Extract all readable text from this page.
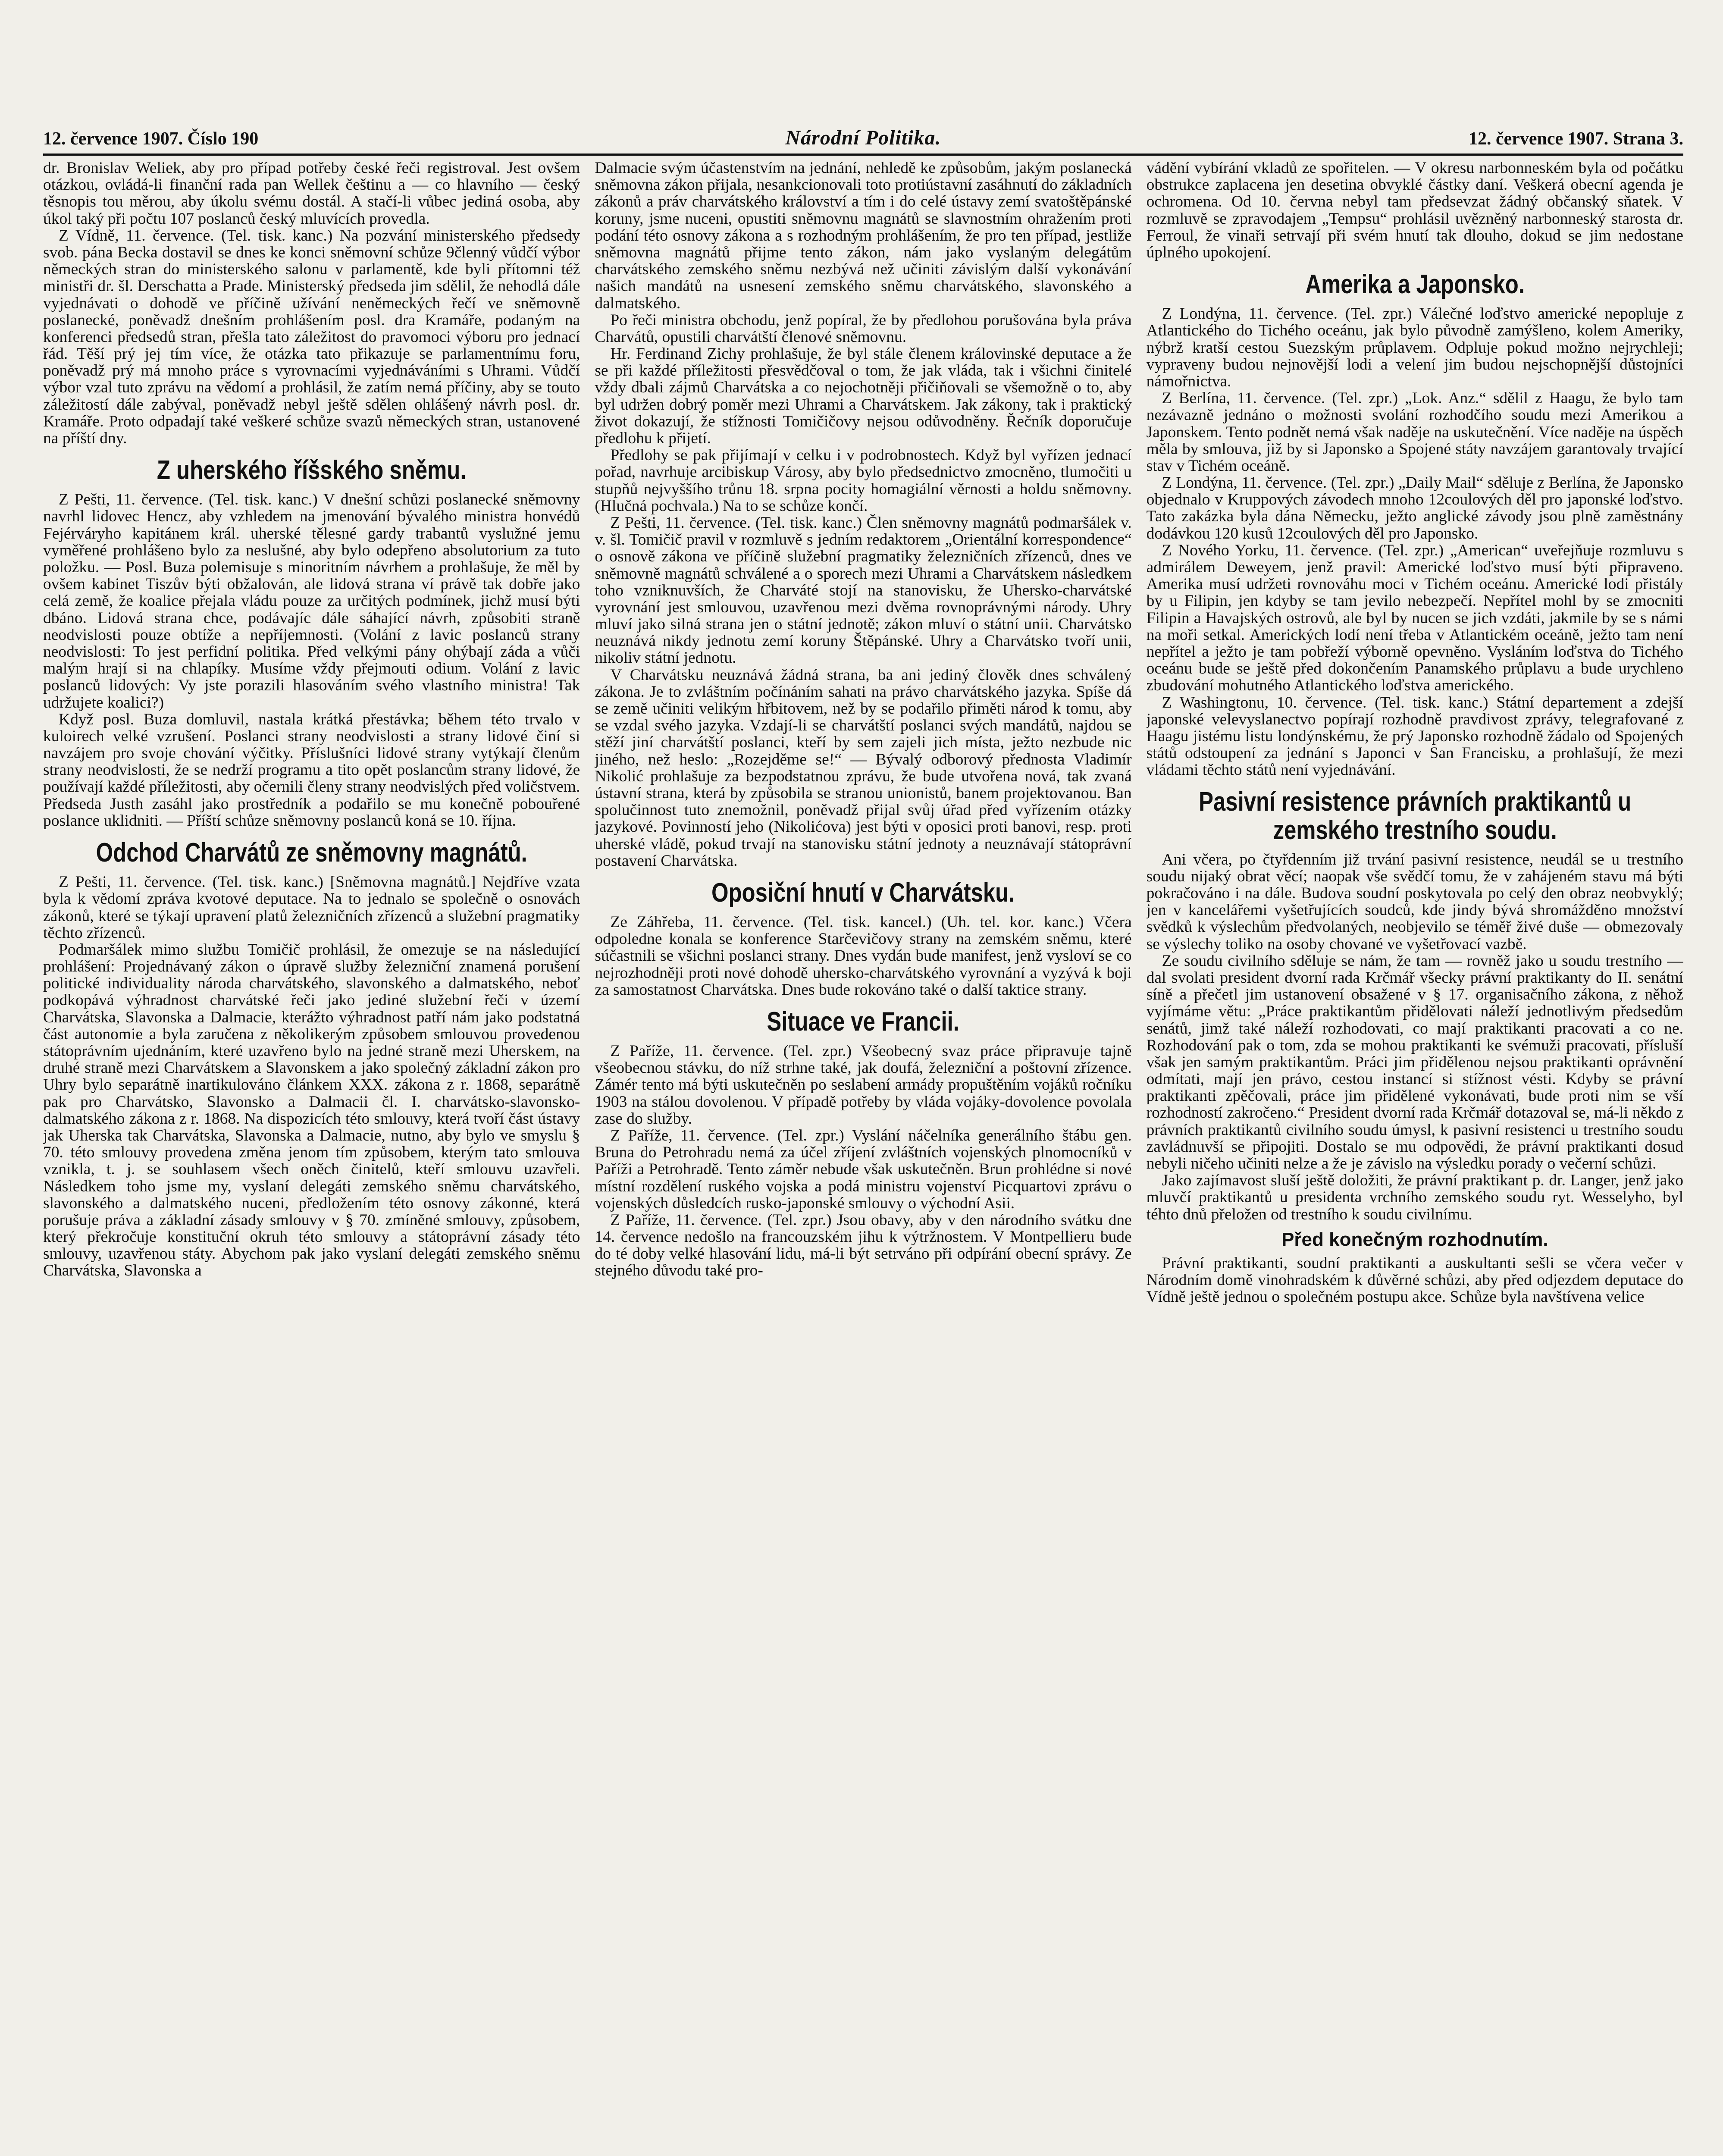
12. července 1907. Číslo 190	Národní Politika.	12. července 1907. Strana 3.

dr. Bronislav Weliek, aby pro případ potřeby české řeči registroval. Jest ovšem otázkou, ovládá-li finanční rada pan Wellek češtinu a — co hlavního — český těsnopis tou měrou, aby úkolu svému dostál. A stačí-li vůbec jediná osoba, aby úkol taký při počtu 107 poslanců český mluvících provedla.

Z Vídně, 11. července. (Tel. tisk. kanc.) Na pozvání ministerského předsedy svob. pána Becka dostavil se dnes ke konci sněmovní schůze 9členný vůdčí výbor německých stran do ministerského salonu v parlamentě, kde byli přítomni též ministři dr. šl. Derschatta a Prade. Ministerský předseda jim sdělil, že nehodlá dále vyjednávati o dohodě ve příčině užívání neněmeckých řečí ve sněmovně poslanecké, poněvadž dnešním prohlášením posl. dra Kramáře, podaným na konferenci předsedů stran, přešla tato záležitost do pravomoci výboru pro jednací řád. Těší prý jej tím více, že otázka tato přikazuje se parlamentnímu foru, poněvadž prý má mnoho práce s vyrovnacími vyjednáváními s Uhrami. Vůdčí výbor vzal tuto zprávu na vědomí a prohlásil, že zatím nemá příčiny, aby se touto záležitostí dále zabýval, poněvadž nebyl ještě sdělen ohlášený návrh posl. dr. Kramáře. Proto odpadají také veškeré schůze svazů německých stran, ustanovené na příští dny.

Z uherského říšského sněmu.

Z Pešti, 11. července. (Tel. tisk. kanc.) V dnešní schůzi poslanecké sněmovny navrhl lidovec Hencz, aby vzhledem na jmenování bývalého ministra honvédů Fejérváryho kapitánem král. uherské tělesné gardy trabantů vyslužné jemu vyměřené prohlášeno bylo za neslušné, aby bylo odepřeno absolutorium za tuto položku. — Posl. Buza polemisuje s minoritním návrhem a prohlašuje, že měl by ovšem kabinet Tiszův býti obžalován, ale lidová strana ví právě tak dobře jako celá země, že koalice přejala vládu pouze za určitých podmínek, jichž musí býti dbáno. Lidová strana chce, podávajíc dále sáhající návrh, způsobiti straně neodvislosti pouze obtíže a nepříjemnosti. (Volání z lavic poslanců strany neodvislosti: To jest perfidní politika. Před velkými pány ohýbají záda a vůči malým hrají si na chlapíky. Musíme vždy přejmouti odium. Volání z lavic poslanců lidových: Vy jste porazili hlasováním svého vlastního ministra! Tak udržujete koalici?)

Když posl. Buza domluvil, nastala krátká přestávka; během této trvalo v kuloirech velké vzrušení. Poslanci strany neodvislosti a strany lidové činí si navzájem pro svoje chování výčitky. Příslušníci lidové strany vytýkají členům strany neodvislosti, že se nedrží programu a tito opět poslancům strany lidové, že používají každé příležitosti, aby očernili členy strany neodvislých před voličstvem. Předseda Justh zasáhl jako prostředník a podařilo se mu konečně pobouřené poslance uklidniti. — Příští schůze sněmovny poslanců koná se 10. října.

Odchod Charvátů ze sněmovny magnátů.

Z Pešti, 11. července. (Tel. tisk. kanc.) [Sněmovna magnátů.] Nejdříve vzata byla k vědomí zpráva kvotové deputace. Na to jednalo se společně o osnovách zákonů, které se týkají upravení platů železničních zřízenců a služební pragmatiky těchto zřízenců.

Podmaršálek mimo službu Tomičič prohlásil, že omezuje se na následující prohlášení: Projednávaný zákon o úpravě služby železniční znamená porušení politické individuality národa charvátského, slavonského a dalmatského, neboť podkopává výhradnost charvátské řeči jako jediné služební řeči v území Charvátska, Slavonska a Dalmacie, kterážto výhradnost patří nám jako podstatná část autonomie a byla zaručena z několikerým způsobem smlouvou provedenou státoprávním ujednáním, které uzavřeno bylo na jedné straně mezi Uherskem, na druhé straně mezi Charvátskem a Slavonskem a jako společný základní zákon pro Uhry bylo separátně inartikulováno článkem XXX. zákona z r. 1868, separátně pak pro Charvátsko, Slavonsko a Dalmacii čl. I. charvátsko-slavonsko-dalmatského zákona z r. 1868. Na dispozicích této smlouvy, která tvoří část ústavy jak Uherska tak Charvátska, Slavonska a Dalmacie, nutno, aby bylo ve smyslu § 70. této smlouvy provedena změna jenom tím způsobem, kterým tato smlouva vznikla, t. j. se souhlasem všech oněch činitelů, kteří smlouvu uzavřeli. Následkem toho jsme my, vyslaní delegáti zemského sněmu charvátského, slavonského a dalmatského nuceni, předložením této osnovy zákonné, která porušuje práva a základní zásady smlouvy v § 70. zmíněné smlouvy, způsobem, který překročuje konstituční okruh této smlouvy a státoprávní zásady této smlouvy, uzavřenou státy. Abychom pak jako vyslaní delegáti zemského sněmu Charvátska, Slavonska a

Dalmacie svým účastenstvím na jednání, nehledě ke způsobům, jakým poslanecká sněmovna zákon přijala, nesankcionovali toto protiústavní zasáhnutí do základních zákonů a práv charvátského království a tím i do celé ústavy zemí svatoštěpánské koruny, jsme nuceni, opustiti sněmovnu magnátů se slavnostním ohražením proti podání této osnovy zákona a s rozhodným prohlášením, že pro ten případ, jestliže sněmovna magnátů přijme tento zákon, nám jako vyslaným delegátům charvátského zemského sněmu nezbývá než učiniti závislým další vykonávání našich mandátů na usnesení zemského sněmu charvátského, slavonského a dalmatského.

Po řeči ministra obchodu, jenž popíral, že by předlohou porušována byla práva Charvátů, opustili charvátští členové sněmovnu.

Hr. Ferdinand Zichy prohlašuje, že byl stále členem královinské deputace a že se při každé příležitosti přesvědčoval o tom, že jak vláda, tak i všichni činitelé vždy dbali zájmů Charvátska a co nejochotněji přičiňovali se všemožně o to, aby byl udržen dobrý poměr mezi Uhrami a Charvátskem. Jak zákony, tak i praktický život dokazují, že stížnosti Tomičičovy nejsou odůvodněny. Řečník doporučuje předlohu k přijetí.

Předlohy se pak přijímají v celku i v podrobnostech. Když byl vyřízen jednací pořad, navrhuje arcibiskup Városy, aby bylo předsednictvo zmocněno, tlumočiti u stupňů nejvyššího trůnu 18. srpna pocity homagiální věrnosti a holdu sněmovny. (Hlučná pochvala.) Na to se schůze končí.

Z Pešti, 11. července. (Tel. tisk. kanc.) Člen sněmovny magnátů podmaršálek v. v. šl. Tomičič pravil v rozmluvě s jedním redaktorem „Orientální korrespondence“ o osnově zákona ve příčině služební pragmatiky železničních zřízenců, dnes ve sněmovně magnátů schválené a o sporech mezi Uhrami a Charvátskem následkem toho vzniknuvších, že Charváté stojí na stanovisku, že Uhersko-charvátské vyrovnání jest smlouvou, uzavřenou mezi dvěma rovnoprávnými národy. Uhry mluví jako silná strana jen o státní jednotě; zákon mluví o státní unii. Charvátsko neuznává nikdy jednotu zemí koruny Štěpánské. Uhry a Charvátsko tvoří unii, nikoliv státní jednotu.

V Charvátsku neuznává žádná strana, ba ani jediný člověk dnes schválený zákona. Je to zvláštním počínáním sahati na právo charvátského jazyka. Spíše dá se země učiniti velikým hřbitovem, než by se podařilo přiměti národ k tomu, aby se vzdal svého jazyka. Vzdají-li se charvátští poslanci svých mandátů, najdou se stěží jiní charvátští poslanci, kteří by sem zajeli jich místa, ježto nezbude nic jiného, než heslo: „Rozejděme se!“ — Bývalý odborový přednosta Vladimír Nikolić prohlašuje za bezpodstatnou zprávu, že bude utvořena nová, tak zvaná ústavní strana, která by způsobila se stranou unionistů, banem projektovanou. Ban spolučinnost tuto znemožnil, poněvadž přijal svůj úřad před vyřízením otázky jazykové. Povinností jeho (Nikolićova) jest býti v oposici proti banovi, resp. proti uherské vládě, pokud trvají na stanovisku státní jednoty a neuznávají státoprávní postavení Charvátska.

Oposiční hnutí v Charvátsku.

Ze Záhřeba, 11. července. (Tel. tisk. kancel.) (Uh. tel. kor. kanc.) Včera odpoledne konala se konference Starčevičovy strany na zemském sněmu, které súčastnili se všichni poslanci strany. Dnes vydán bude manifest, jenž vysloví se co nejrozhodněji proti nové dohodě uhersko-charvátského vyrovnání a vyzývá k boji za samostatnost Charvátska. Dnes bude rokováno také o další taktice strany.

Situace ve Francii.

Z Paříže, 11. července. (Tel. zpr.) Všeobecný svaz práce připravuje tajně všeobecnou stávku, do níž strhne také, jak doufá, železniční a poštovní zřízence. Zámér tento má býti uskutečněn po seslabení armády propuštěním vojáků ročníku 1903 na stálou dovolenou. V případě potřeby by vláda vojáky-dovolence povolala zase do služby.

Z Paříže, 11. července. (Tel. zpr.) Vyslání náčelníka generálního štábu gen. Bruna do Petrohradu nemá za účel zříjení zvláštních vojenských plnomocníků v Paříži a Petrohradě. Tento záměr nebude však uskutečněn. Brun prohlédne si nové místní rozdělení ruského vojska a podá ministru vojenství Picquartovi zprávu o vojenských důsledcích rusko-japonské smlouvy o východní Asii.

Z Paříže, 11. července. (Tel. zpr.) Jsou obavy, aby v den národního svátku dne 14. července nedošlo na francouzském jihu k výtržnostem. V Montpellieru bude do té doby velké hlasování lidu, má-li být setrváno při odpírání obecní správy. Ze stejného důvodu také pro-

vádění vybírání vkladů ze spořitelen. — V okresu narbonneském byla od počátku obstrukce zaplacena jen desetina obvyklé částky daní. Veškerá obecní agenda je ochromena. Od 10. června nebyl tam předsevzat žádný občanský sňatek. V rozmluvě se zpravodajem „Tempsu“ prohlásil uvězněný narbonneský starosta dr. Ferroul, že vinaři setrvají při svém hnutí tak dlouho, dokud se jim nedostane úplného upokojení.

Amerika a Japonsko.

Z Londýna, 11. července. (Tel. zpr.) Válečné loďstvo americké nepopluje z Atlantického do Tichého oceánu, jak bylo původně zamýšleno, kolem Ameriky, nýbrž kratší cestou Suezským průplavem. Odpluje pokud možno nejrychleji; vypraveny budou nejnovější lodi a velení jim budou nejschopnější důstojníci námořnictva.

Z Berlína, 11. července. (Tel. zpr.) „Lok. Anz.“ sdělil z Haagu, že bylo tam nezávazně jednáno o možnosti svolání rozhodčího soudu mezi Amerikou a Japonskem. Tento podnět nemá však naděje na uskutečnění. Více naděje na úspěch měla by smlouva, již by si Japonsko a Spojené státy navzájem garantovaly trvající stav v Tichém oceáně.

Z Londýna, 11. července. (Tel. zpr.) „Daily Mail“ sděluje z Berlína, že Japonsko objednalo v Kruppových závodech mnoho 12coulových děl pro japonské loďstvo. Tato zakázka byla dána Německu, ježto anglické závody jsou plně zaměstnány dodávkou 120 kusů 12coulových děl pro Japonsko.

Z Nového Yorku, 11. července. (Tel. zpr.) „American“ uveřejňuje rozmluvu s admirálem Deweyem, jenž pravil: Americké loďstvo musí býti připraveno. Amerika musí udržeti rovnováhu moci v Tichém oceánu. Americké lodi přistály by u Filipin, jen kdyby se tam jevilo nebezpečí. Nepřítel mohl by se zmocniti Filipin a Havajských ostrovů, ale byl by nucen se jich vzdáti, jakmile by se s námi na moři setkal. Amerických lodí není třeba v Atlantickém oceáně, ježto tam není nepřítel a ježto je tam pobřeží výborně opevněno. Vysláním loďstva do Tichého oceánu bude se ještě před dokončením Panamského průplavu a bude urychleno zbudování mohutného Atlantického loďstva amerického.

Z Washingtonu, 10. července. (Tel. tisk. kanc.) Státní departement a zdejší japonské velevyslanectvo popírají rozhodně pravdivost zprávy, telegrafované z Haagu jistému listu londýnskému, že prý Japonsko rozhodně žádalo od Spojených států odstoupení za jednání s Japonci v San Francisku, a prohlašují, že mezi vládami těchto států není vyjednávání.

Pasivní resistence právních praktikantů u zemského trestního soudu.

Ani včera, po čtyřdenním již trvání pasivní resistence, neudál se u trestního soudu nijaký obrat věcí; naopak vše svědčí tomu, že v zahájeném stavu má býti pokračováno i na dále. Budova soudní poskytovala po celý den obraz neobvyklý; jen v kancelářemi vyšetřujících soudců, kde jindy bývá shromážděno množství svědků k výslechům předvolaných, neobjevilo se téměř živé duše — obmezovaly se výslechy toliko na osoby chované ve vyšetřovací vazbě.

Ze soudu civilního sděluje se nám, že tam — rovněž jako u soudu trestního — dal svolati president dvorní rada Krčmář všecky právní praktikanty do II. senátní síně a přečetl jim ustanovení obsažené v § 17. organisačního zákona, z něhož vyjímáme větu: „Práce praktikantům přidělovati náleží jednotlivým předsedům senátů, jimž také náleží rozhodovati, co mají praktikanti pracovati a co ne. Rozhodování pak o tom, zda se mohou praktikanti ke svémuži pracovati, přísluší však jen samým praktikantům. Práci jim přidělenou nejsou praktikanti oprávnění odmítati, mají jen právo, cestou instancí si stížnost vésti. Kdyby se právní praktikanti zpěčovali, práce jim přidělené vykonávati, bude proti nim se vší rozhodností zakročeno.“ President dvorní rada Krčmář dotazoval se, má-li někdo z právních praktikantů civilního soudu úmysl, k pasivní resistenci u trestního soudu zavládnuvší se připojiti. Dostalo se mu odpovědi, že právní praktikanti dosud nebyli ničeho učiniti nelze a že je závislo na výsledku porady o večerní schůzi.

Jako zajímavost sluší ještě doložiti, že právní praktikant p. dr. Langer, jenž jako mluvčí praktikantů u presidenta vrchního zemského soudu ryt. Wesselyho, byl téhto dnů přeložen od trestního k soudu civilnímu.

Před konečným rozhodnutím.

Právní praktikanti, soudní praktikanti a auskultanti sešli se včera večer v Národním domě vinohradském k důvěrné schůzi, aby před odjezdem deputace do Vídně ještě jednou o společném postupu akce. Schůze byla navštívena velice
